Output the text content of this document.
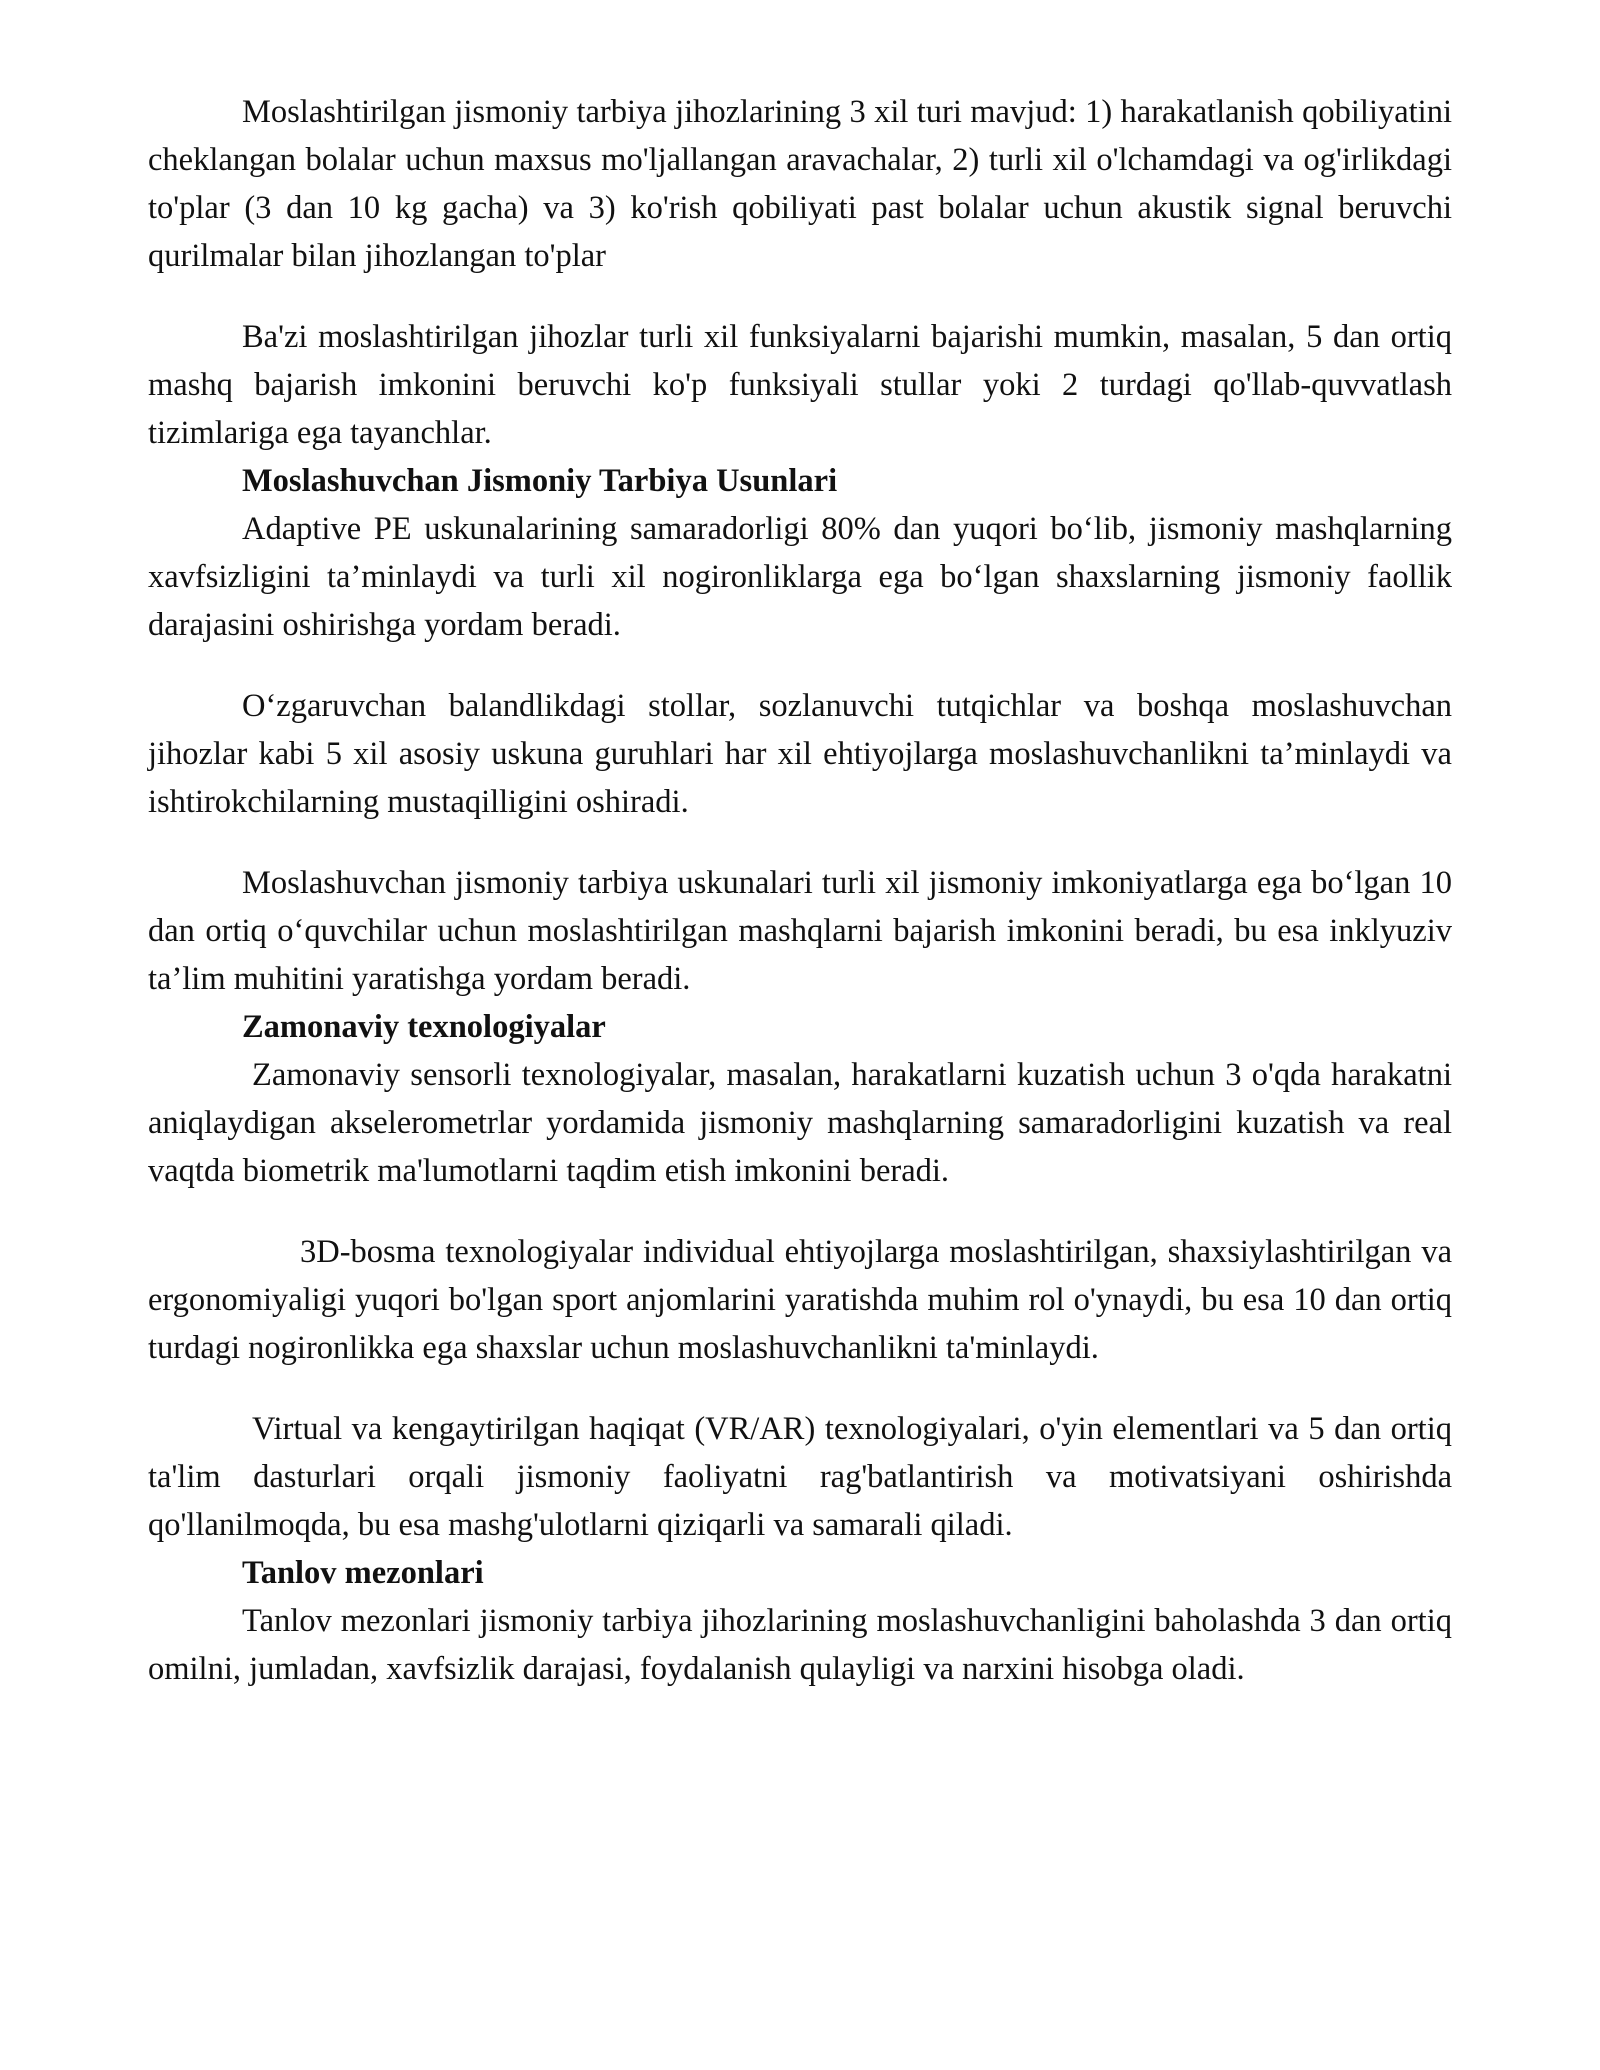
Moslashtirilgan jismoniy tarbiya jihozlarining 3 xil turi mavjud: 1) harakatlanish qobiliyatini cheklangan bolalar uchun maxsus mo'ljallangan aravachalar, 2) turli xil o'lchamdagi va og'irlikdagi to'plar (3 dan 10 kg gacha) va 3) ko'rish qobiliyati past bolalar uchun akustik signal beruvchi qurilmalar bilan jihozlangan to'plar

Ba'zi moslashtirilgan jihozlar turli xil funksiyalarni bajarishi mumkin, masalan, 5 dan ortiq mashq bajarish imkonini beruvchi ko'p funksiyali stullar yoki 2 turdagi qo'llab-quvvatlash tizimlariga ega tayanchlar.

Moslashuvchan Jismoniy Tarbiya Usunlari

Adaptive PE uskunalarining samaradorligi 80% dan yuqori bo‘lib, jismoniy mashqlarning xavfsizligini ta’minlaydi va turli xil nogironliklarga ega bo‘lgan shaxslarning jismoniy faollik darajasini oshirishga yordam beradi.

O‘zgaruvchan balandlikdagi stollar, sozlanuvchi tutqichlar va boshqa moslashuvchan jihozlar kabi 5 xil asosiy uskuna guruhlari har xil ehtiyojlarga moslashuvchanlikni ta’minlaydi va ishtirokchilarning mustaqilligini oshiradi.

Moslashuvchan jismoniy tarbiya uskunalari turli xil jismoniy imkoniyatlarga ega bo‘lgan 10 dan ortiq o‘quvchilar uchun moslashtirilgan mashqlarni bajarish imkonini beradi, bu esa inklyuziv ta’lim muhitini yaratishga yordam beradi.

Zamonaviy texnologiyalar

Zamonaviy sensorli texnologiyalar, masalan, harakatlarni kuzatish uchun 3 o'qda harakatni aniqlaydigan akselerometrlar yordamida jismoniy mashqlarning samaradorligini kuzatish va real vaqtda biometrik ma'lumotlarni taqdim etish imkonini beradi.

3D-bosma texnologiyalar individual ehtiyojlarga moslashtirilgan, shaxsiylashtirilgan va ergonomiyaligi yuqori bo'lgan sport anjomlarini yaratishda muhim rol o'ynaydi, bu esa 10 dan ortiq turdagi nogironlikka ega shaxslar uchun moslashuvchanlikni ta'minlaydi.

Virtual va kengaytirilgan haqiqat (VR/AR) texnologiyalari, o'yin elementlari va 5 dan ortiq ta'lim dasturlari orqali jismoniy faoliyatni rag'batlantirish va motivatsiyani oshirishda qo'llanilmoqda, bu esa mashg'ulotlarni qiziqarli va samarali qiladi.

Tanlov mezonlari

Tanlov mezonlari jismoniy tarbiya jihozlarining moslashuvchanligini baholashda 3 dan ortiq omilni, jumladan, xavfsizlik darajasi, foydalanish qulayligi va narxini hisobga oladi.
